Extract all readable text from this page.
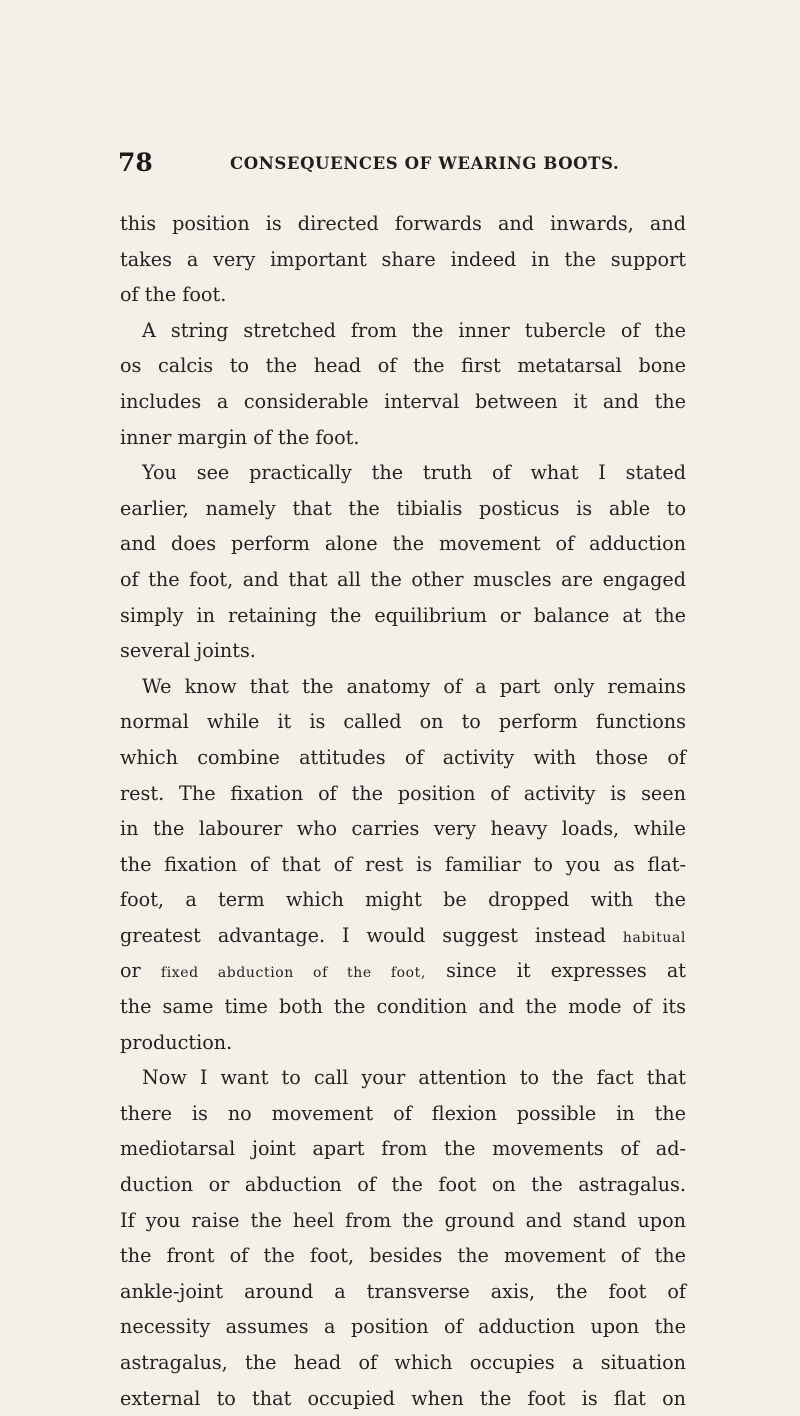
78	CONSEQUENCES OF WEARING BOOTS.
this position is directed forwards and inwards, and
takes a very important share indeed in the support
of the foot.
A string stretched from the inner tubercle of the
os calcis to the head of the first metatarsal bone
includes a considerable interval between it and the
inner margin of the foot.
You see practically the truth of what I stated
earlier, namely that the tibialis posticus is able to
and does perform alone the movement of adduction
of the foot, and that all the other muscles are engaged
simply in retaining the equilibrium or balance at the
several joints.
We know that the anatomy of a part only remains
normal while it is called on to perform functions
which combine attitudes of activity with those of
rest. The fixation of the position of activity is seen
in the labourer who carries very heavy loads, while
the fixation of that of rest is familiar to you as flat-
foot, a term which might be dropped with the
greatest advantage. I would suggest instead habitual
or fixed abduction of the foot, since it expresses at
the same time both the condition and the mode of its
production.
Now I want to call your attention to the fact that
there is no movement of flexion possible in the
mediotarsal joint apart from the movements of ad-
duction or abduction of the foot on the astragalus.
If you raise the heel from the ground and stand upon
the front of the foot, besides the movement of the
ankle-joint around a transverse axis, the foot of
necessity assumes a position of adduction upon the
astragalus, the head of which occupies a situation
external to that occupied when the foot is flat on
